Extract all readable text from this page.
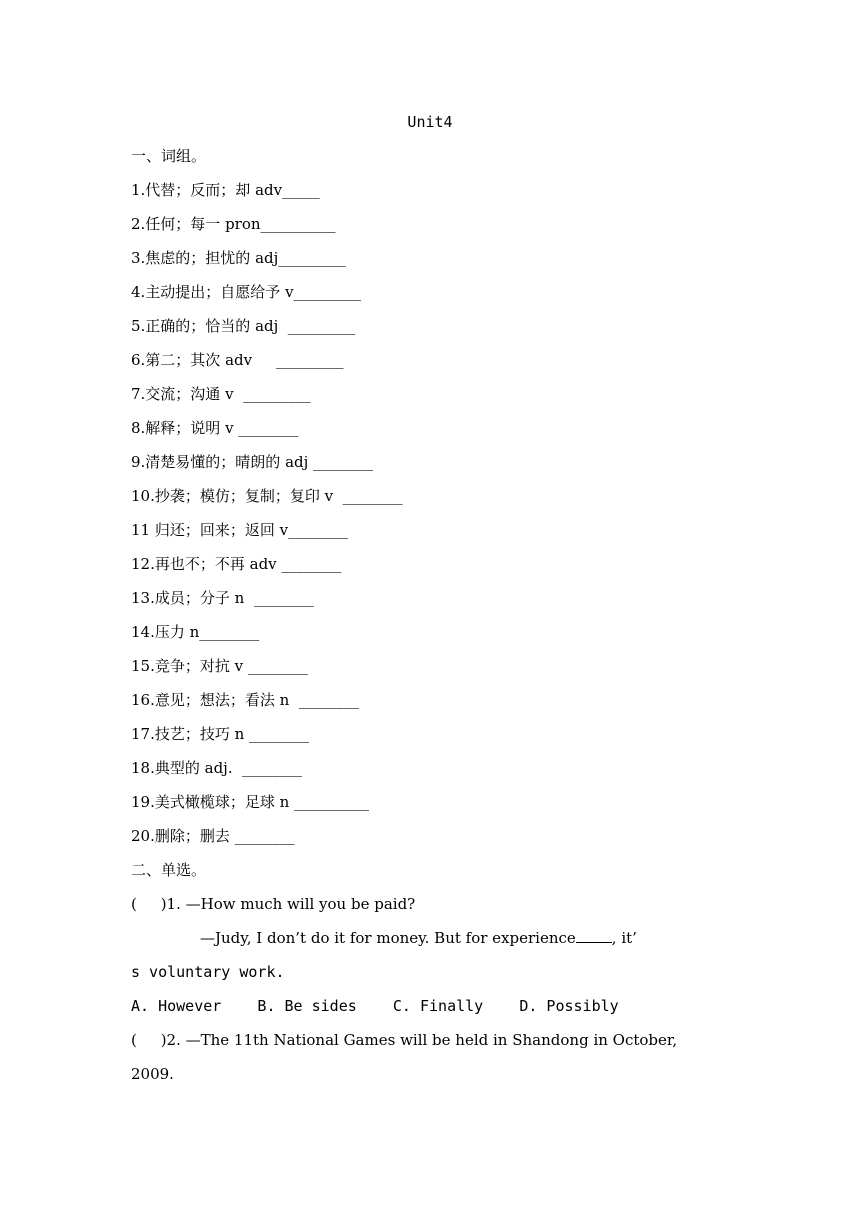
Unit4
一、词组。
1.代替；反而；却 adv_____
2.任何；每一 pron__________
3.焦虑的；担忧的 adj_________
4.主动提出；自愿给予 v_________
5.正确的；恰当的 adj  _________
6.第二；其次 adv     _________
7.交流；沟通 v  _________
8.解释；说明 v ________
9.清楚易懂的；晴朗的 adj ________
10.抄袭；模仿；复制；复印 v  ________
11 归还；回来；返回 v________
12.再也不；不再 adv ________
13.成员；分子 n  ________
14.压力 n________
15.竞争；对抗 v ________
16.意见；想法；看法 n  ________
17.技艺；技巧 n ________
18.典型的 adj.  ________
19.美式橄榄球；足球 n __________
20.删除；删去 ________
二、单选。
(     )1. —How much will you be paid?
—Judy, I don’t do it for money. But for experience , it’
s voluntary work.
A. However    B. Be sides    C. Finally    D. Possibly
(     )2. —The 11th National Games will be held in Shandong in October,
2009.
